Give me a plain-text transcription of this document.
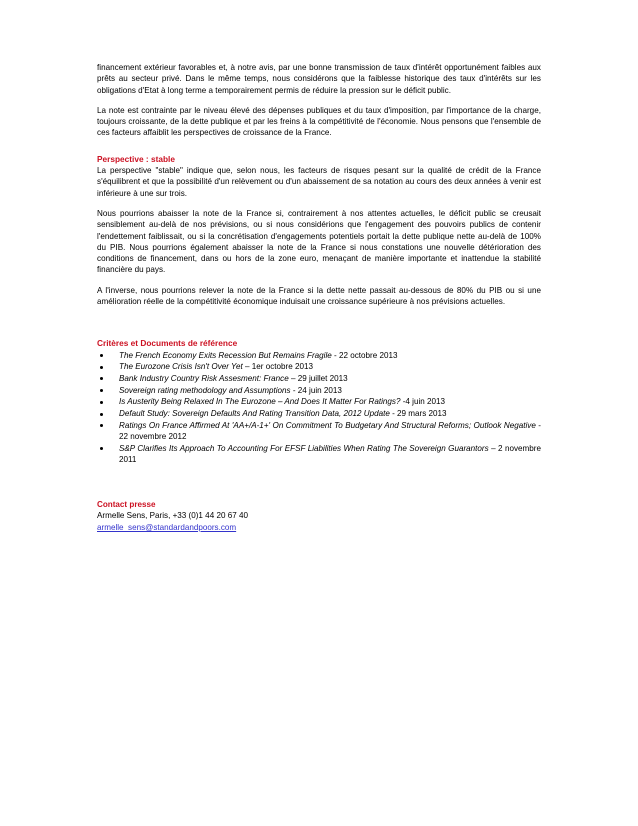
financement extérieur favorables et, à notre avis, par une bonne transmission de taux d'intérêt opportunément faibles aux prêts au secteur privé. Dans le même temps, nous considérons que la faiblesse historique des taux d'intérêts sur les obligations d'Etat à long terme a temporairement permis de réduire la pression sur le déficit public.

La note est contrainte par le niveau élevé des dépenses publiques et du taux d'imposition, par l'importance de la charge, toujours croissante, de la dette publique et par les freins à la compétitivité de l'économie. Nous pensons que l'ensemble de ces facteurs affaiblit les perspectives de croissance de la France.

Perspective : stable

La perspective "stable" indique que, selon nous, les facteurs de risques pesant sur la qualité de crédit de la France s'équilibrent et que la possibilité d'un relèvement ou d'un abaissement de sa notation au cours des deux années à venir est inférieure à une sur trois.

Nous pourrions abaisser la note de la France si, contrairement à nos attentes actuelles, le déficit public se creusait sensiblement au-delà de nos prévisions, ou si nous considérions que l'engagement des pouvoirs publics de contenir l'endettement faiblissait, ou si la concrétisation d'engagements potentiels portait la dette publique nette au-delà de 100% du PIB. Nous pourrions également abaisser la note de la France si nous constations une nouvelle détérioration des conditions de financement, dans ou hors de la zone euro, menaçant de manière importante et inattendue la stabilité financière du pays.

A l'inverse, nous pourrions relever la note de la France si la dette nette passait au-dessous de 80% du PIB ou si une amélioration réelle de la compétitivité économique induisait une croissance supérieure à nos prévisions actuelles.

Critères et Documents de référence
The French Economy Exits Recession But Remains Fragile - 22 octobre 2013
The Eurozone Crisis Isn't Over Yet – 1er octobre 2013
Bank Industry Country Risk Assesment: France – 29 juillet 2013
Sovereign rating methodology and Assumptions - 24 juin 2013
Is Austerity Being Relaxed In The Eurozone – And Does It Matter For Ratings? -4 juin 2013
Default Study: Sovereign Defaults And Rating Transition Data, 2012 Update - 29 mars 2013
Ratings On France Affirmed At 'AA+/A-1+' On Commitment To Budgetary And Structural Reforms; Outlook Negative - 22 novembre 2012
S&P Clarifies Its Approach To Accounting For EFSF Liabilities When Rating The Sovereign Guarantors – 2 novembre 2011
Contact presse
Armelle Sens, Paris, +33 (0)1 44 20 67 40
armelle_sens@standardandpoors.com
